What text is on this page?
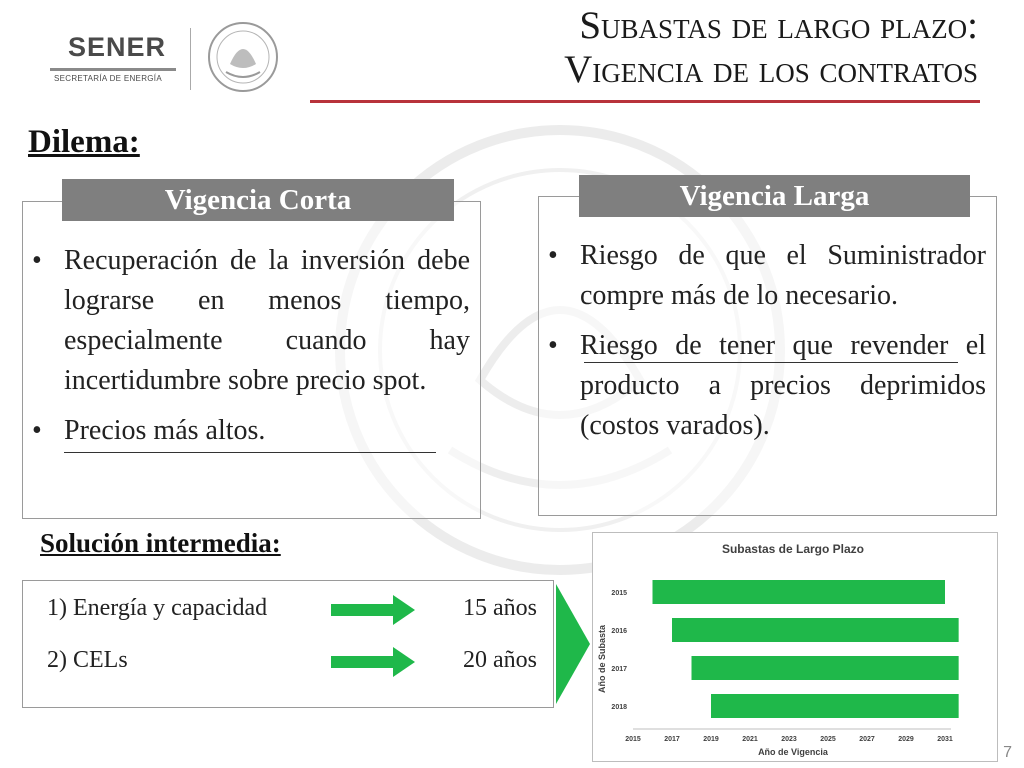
SENER
SECRETARÍA DE ENERGÍA
Subastas de largo plazo:
Vigencia de los contratos
Dilema:
Vigencia Corta
• Recuperación de la inversión debe lograrse en menos tiempo, especialmente cuando hay incertidumbre sobre precio spot.
• Precios más altos.
Vigencia Larga
• Riesgo de que el Suministrador compre más de lo necesario.
• Riesgo de tener que revender el producto a precios deprimidos (costos varados).
Solución intermedia:
1) Energía y capacidad	15 años
2) CELs	20 años
Subastas de Largo Plazo
Año de Vigencia
Año de Subasta
2015
2016
2017
2018
2015	2017	2019	2021	2023	2025	2027	2029	2031
7
